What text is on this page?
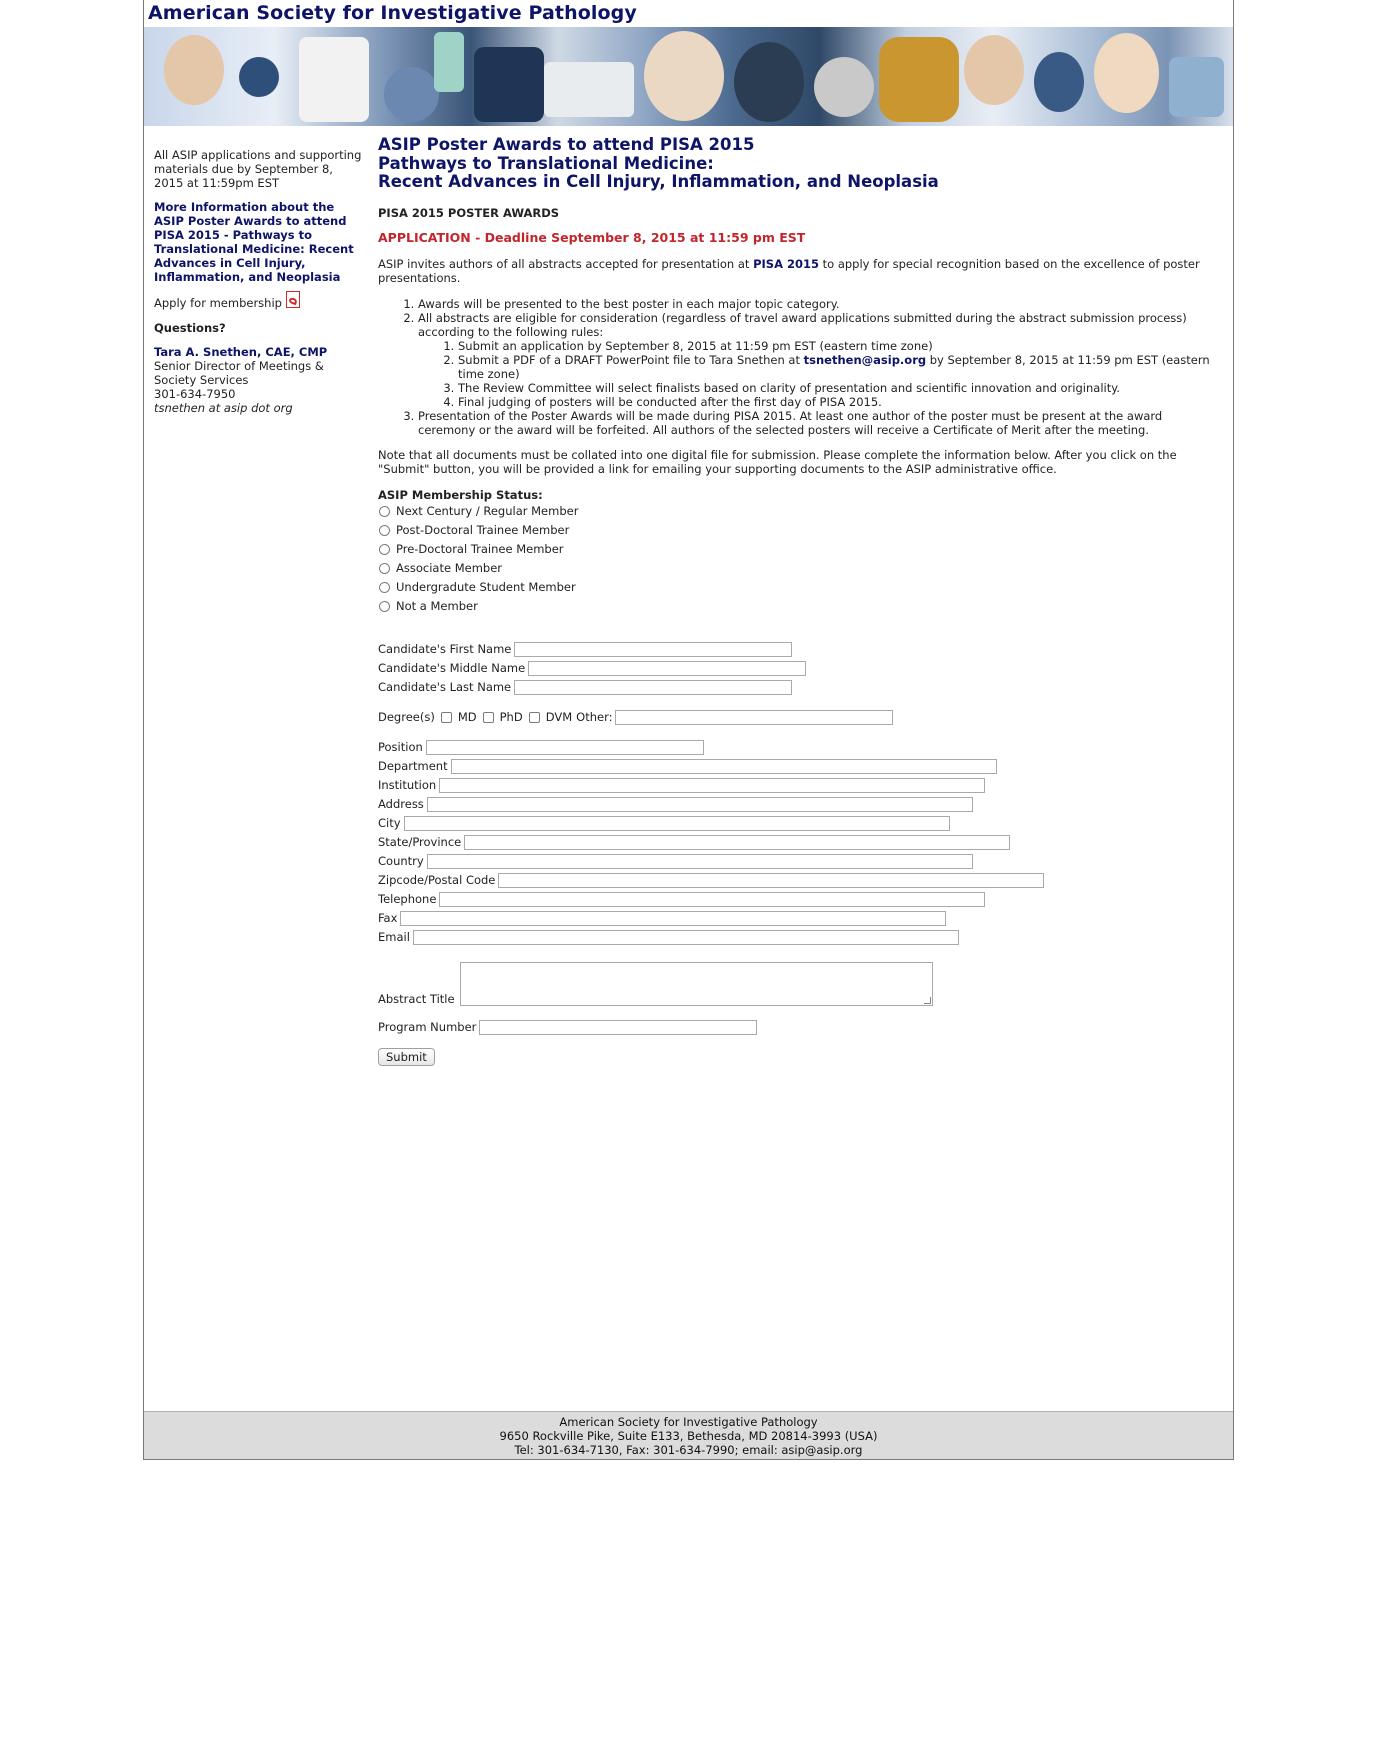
American Society for Investigative Pathology

All ASIP applications and supporting materials due by September 8, 2015 at 11:59pm EST

More Information about the ASIP Poster Awards to attend PISA 2015 - Pathways to Translational Medicine: Recent Advances in Cell Injury, Inflammation, and Neoplasia

Apply for membership

Questions?

Tara A. Snethen, CAE, CMP

Senior Director of Meetings &

Society Services

301-634-7950

tsnethen at asip dot org

ASIP Poster Awards to attend PISA 2015
Pathways to Translational Medicine:
Recent Advances in Cell Injury, Inflammation, and Neoplasia

PISA 2015 POSTER AWARDS

APPLICATION - Deadline September 8, 2015 at 11:59 pm EST

ASIP invites authors of all abstracts accepted for presentation at PISA 2015 to apply for special recognition based on the excellence of poster presentations.

1. Awards will be presented to the best poster in each major topic category.
2. All abstracts are eligible for consideration (regardless of travel award applications submitted during the abstract submission process) according to the following rules:
1. Submit an application by September 8, 2015 at 11:59 pm EST (eastern time zone)
2. Submit a PDF of a DRAFT PowerPoint file to Tara Snethen at tsnethen@asip.org by September 8, 2015 at 11:59 pm EST (eastern time zone)
3. The Review Committee will select finalists based on clarity of presentation and scientific innovation and originality.
4. Final judging of posters will be conducted after the first day of PISA 2015.
3. Presentation of the Poster Awards will be made during PISA 2015. At least one author of the poster must be present at the award ceremony or the award will be forfeited. All authors of the selected posters will receive a Certificate of Merit after the meeting.

Note that all documents must be collated into one digital file for submission. Please complete the information below. After you click on the "Submit" button, you will be provided a link for emailing your supporting documents to the ASIP administrative office.

ASIP Membership Status:

Next Century / Regular Member
Post-Doctoral Trainee Member
Pre-Doctoral Trainee Member
Associate Member
Undergradute Student Member
Not a Member
Candidate's First Name
Candidate's Middle Name
Candidate's Last Name
Degree(s) MD PhD DVM Other:
Position
Department
Institution
Address
City
State/Province
Country
Zipcode/Postal Code
Telephone
Fax
Email
Abstract Title
Program Number
Submit
American Society for Investigative Pathology
9650 Rockville Pike, Suite E133, Bethesda, MD 20814-3993 (USA)
Tel: 301-634-7130, Fax: 301-634-7990; email: asip@asip.org
